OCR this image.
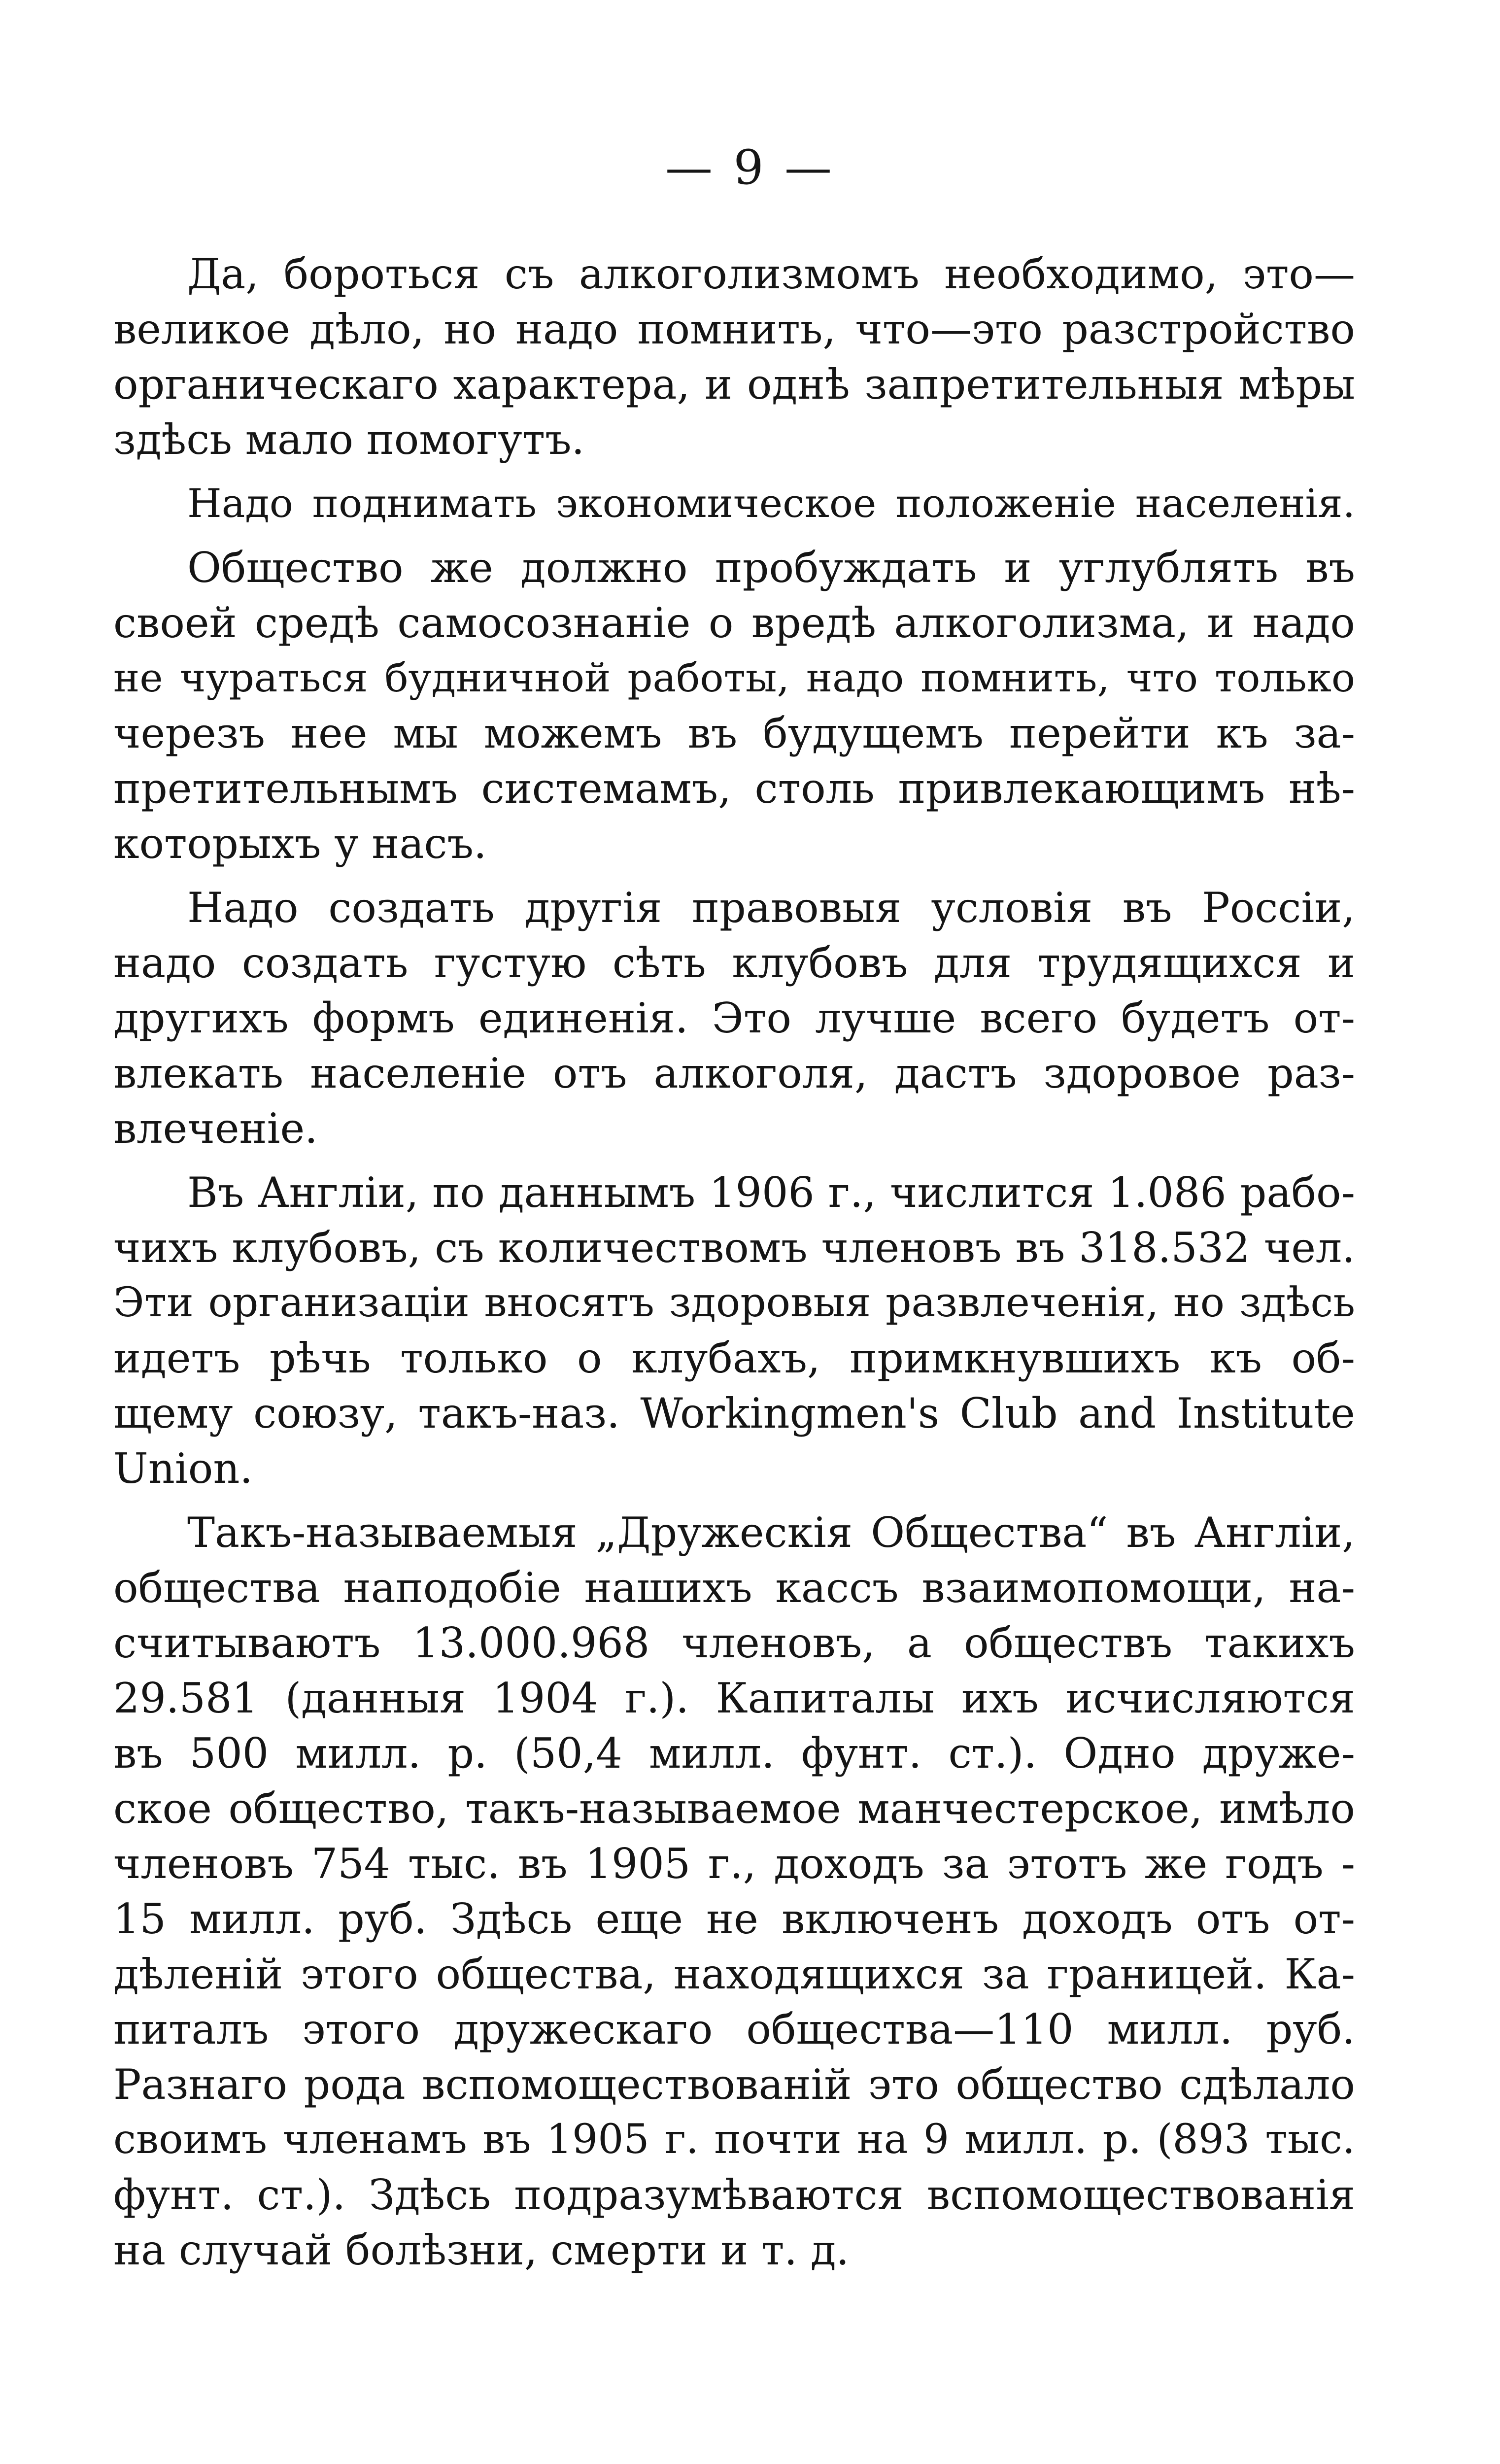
— 9 —
Да, бороться съ алкоголизмомъ необходимо, это—
великое дѣло, но надо помнить, что—это разстройство
органическаго характера, и однѣ запретительныя мѣры
здѣсь мало помогутъ.
Надо поднимать экономическое положеніе населенія.
Общество же должно пробуждать и углублять въ
своей средѣ самосознаніе о вредѣ алкоголизма, и надо
не чураться будничной работы, надо помнить, что только
черезъ нее мы можемъ въ будущемъ перейти къ за-
претительнымъ системамъ, столь привлекающимъ нѣ-
которыхъ у насъ.
Надо создать другія правовыя условія въ Россіи,
надо создать густую сѣть клубовъ для трудящихся и
другихъ формъ единенія. Это лучше всего будетъ от-
влекать населеніе отъ алкоголя, дастъ здоровое раз-
влеченіе.
Въ Англіи, по даннымъ 1906 г., числится 1.086 рабо-
чихъ клубовъ, съ количествомъ членовъ въ 318.532 чел.
Эти организаціи вносятъ здоровыя развлеченія, но здѣсь
идетъ рѣчь только о клубахъ, примкнувшихъ къ об-
щему союзу, такъ-наз. Workingmen's Club and Institute
Union.
Такъ-называемыя „Дружескія Общества“ въ Англіи,
общества наподобіе нашихъ кассъ взаимопомощи, на-
считываютъ 13.000.968 членовъ, а обществъ такихъ
29.581 (данныя 1904 г.). Капиталы ихъ исчисляются
въ 500 милл. р. (50,4 милл. фунт. ст.). Одно друже-
ское общество, такъ-называемое манчестерское, имѣло
членовъ 754 тыс. въ 1905 г., доходъ за этотъ же годъ -
15 милл. руб. Здѣсь еще не включенъ доходъ отъ от-
дѣленій этого общества, находящихся за границей. Ка-
питалъ этого дружескаго общества—110 милл. руб.
Разнаго рода вспомоществованій это общество сдѣлало
своимъ членамъ въ 1905 г. почти на 9 милл. р. (893 тыс.
фунт. ст.). Здѣсь подразумѣваются вспомоществованія
на случай болѣзни, смерти и т. д.
